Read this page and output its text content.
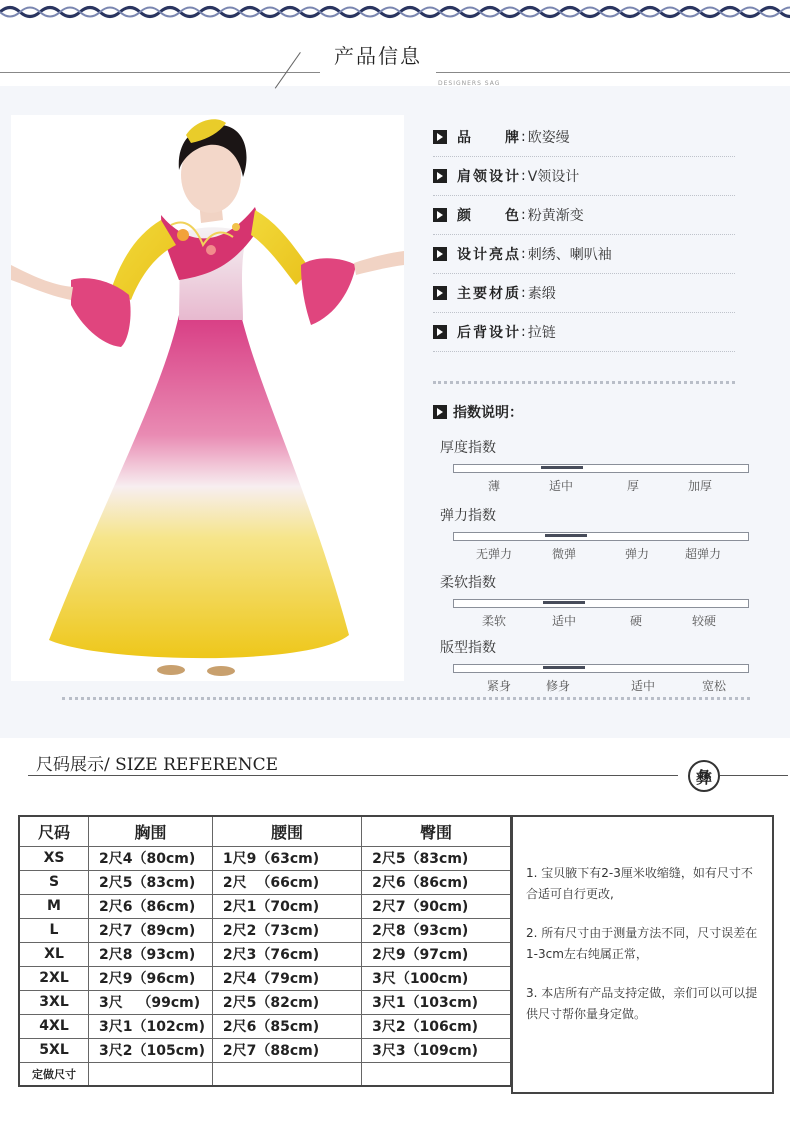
产品信息
DESIGNERS SAG
品 牌 : 欧姿缦
肩领设计 : V领设计
颜 色 : 粉黄渐变
设计亮点 : 刺绣、喇叭袖
主要材质 : 素缎
后背设计 : 拉链
指数说明：
厚度指数
薄	适中	厚	加厚
弹力指数
无弹力	微弹	弹力	超弹力
柔软指数
柔软	适中	硬	较硬
版型指数
紧身	修身	适中	宽松
尺码展示/ SIZE REFERENCE
彝
尺码	胸围	腰围	臀围
XS	2尺4（80cm)	1尺9（63cm)	2尺5（83cm)
S	2尺5（83cm)	2尺  （66cm)	2尺6（86cm)
M	2尺6（86cm)	2尺1（70cm)	2尺7（90cm)
L	2尺7（89cm)	2尺2（73cm)	2尺8（93cm)
XL	2尺8（93cm)	2尺3（76cm)	2尺9（97cm)
2XL	2尺9（96cm)	2尺4（79cm)	3尺（100cm)
3XL	3尺   （99cm)	2尺5（82cm)	3尺1（103cm)
4XL	3尺1（102cm)	2尺6（85cm)	3尺2（106cm)
5XL	3尺2（105cm)	2尺7（88cm)	3尺3（109cm)
定做尺寸			
1. 宝贝腋下有2-3厘米收缩缝，如有尺寸不合适可自行更改,
2. 所有尺寸由于测量方法不同，尺寸误差在1-3cm左右纯属正常，
3. 本店所有产品支持定做，亲们可以可以提供尺寸帮你量身定做。
